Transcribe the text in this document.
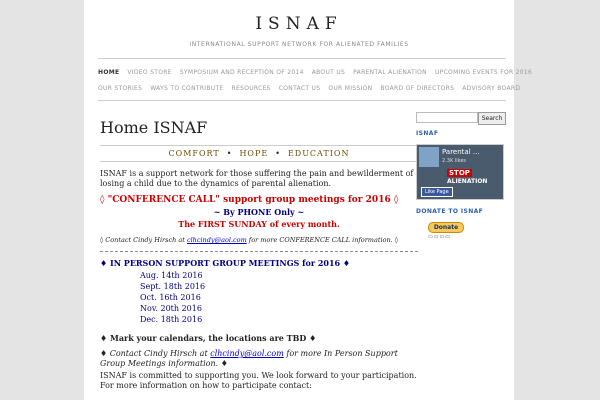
ISNAF
INTERNATIONAL SUPPORT NETWORK FOR ALIENATED FAMILIES
HOME VIDEO STORE SYMPOSIUM AND RECEPTION OF 2014 ABOUT US PARENTAL ALIENATION UPCOMING EVENTS FOR 2016
OUR STORIES WAYS TO CONTRIBUTE RESOURCES CONTACT US OUR MISSION BOARD OF DIRECTORS ADVISORY BOARD
Home ISNAF
COMFORT • HOPE • EDUCATION

ISNAF is a support network for those suffering the pain and bewilderment of losing a child due to the dynamics of parental alienation.

◊ "CONFERENCE CALL" support group meetings for 2016 ◊

~ By PHONE Only ~

The FIRST SUNDAY of every month.

◊ Contact Cindy Hirsch at clhcindy@aol.com for more CONFERENCE CALL information. ◊

♦ IN PERSON SUPPORT GROUP MEETINGS for 2016 ♦

Aug. 14th 2016
Sept. 18th 2016
Oct. 16th 2016
Nov. 20th 2016
Dec. 18th 2016

♦ Mark your calendars, the locations are TBD ♦

♦ Contact Cindy Hirsch at clhcindy@aol.com for more In Person Support Group Meetings information. ♦

ISNAF is committed to supporting you. We look forward to your participation.

For more information on how to participate contact:

Search
ISNAF
Parental ...
2.3K likes
STOP
ALIENATION
Like Page
DONATE TO ISNAF
Donate
▭▭▭▭
